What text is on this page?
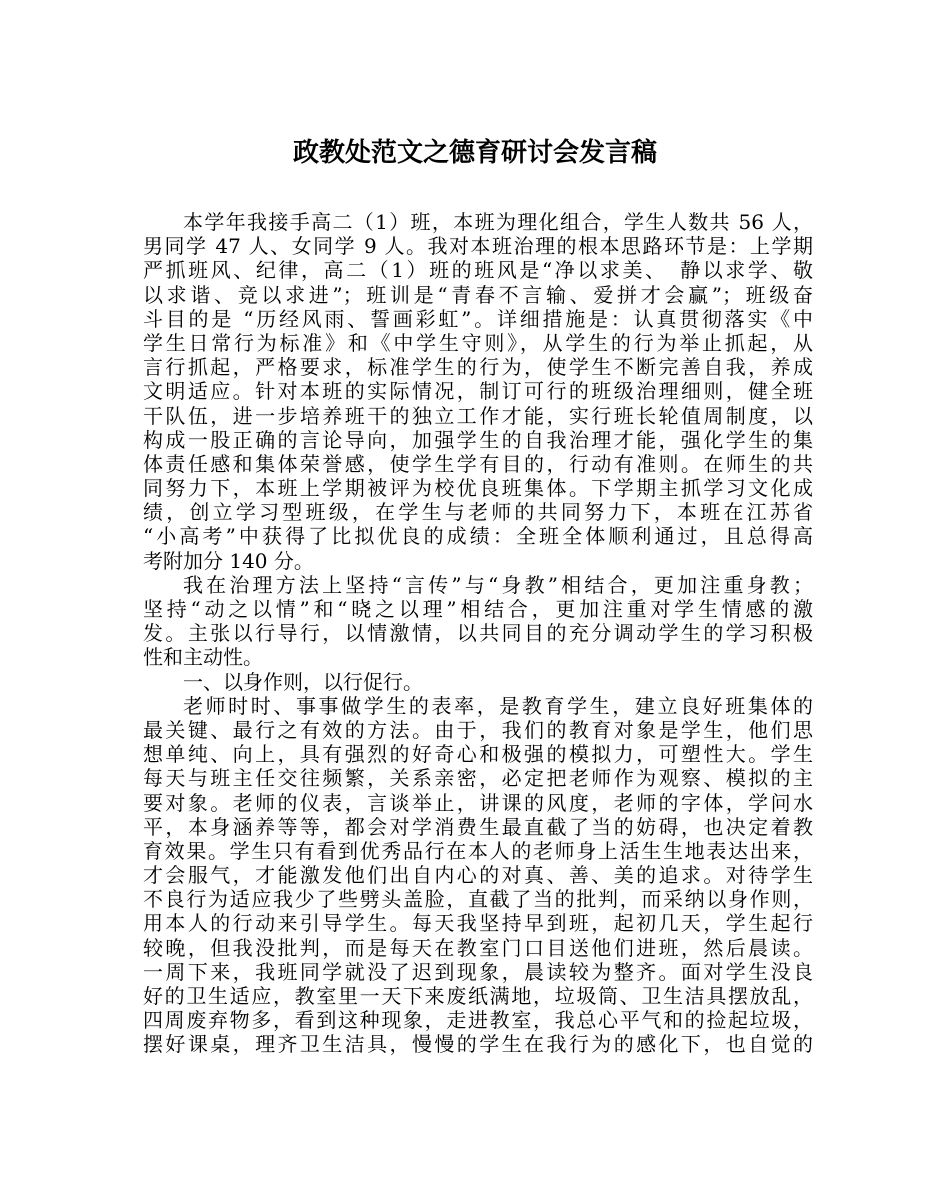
政教处范文之德育研讨会发言稿
本学年我接手高二（1）班，本班为理化组合，学生人数共 56 人，
男同学 47 人、女同学 9 人。我对本班治理的根本思路环节是：上学期
严抓班风、纪律，高二（1）班的班风是“净以求美、　静以求学、敬
以求谐、竞以求进”；班训是“青春不言输、爱拼才会赢”；班级奋
斗目的是 “历经风雨、誓画彩虹”。详细措施是：认真贯彻落实《中
学生日常行为标准》和《中学生守则》，从学生的行为举止抓起，从
言行抓起，严格要求，标准学生的行为，使学生不断完善自我，养成
文明适应。针对本班的实际情况，制订可行的班级治理细则，健全班
干队伍，进一步培养班干的独立工作才能，实行班长轮值周制度，以
构成一股正确的言论导向，加强学生的自我治理才能，强化学生的集
体责任感和集体荣誉感，使学生学有目的，行动有准则。在师生的共
同努力下，本班上学期被评为校优良班集体。下学期主抓学习文化成
绩，创立学习型班级，在学生与老师的共同努力下，本班在江苏省
“小高考”中获得了比拟优良的成绩：全班全体顺利通过，且总得高
考附加分 140 分。
我在治理方法上坚持“言传”与“身教”相结合，更加注重身教；
坚持“动之以情”和“晓之以理”相结合，更加注重对学生情感的激
发。主张以行导行，以情激情，以共同目的充分调动学生的学习积极
性和主动性。
一、以身作则，以行促行。
老师时时、事事做学生的表率，是教育学生，建立良好班集体的
最关键、最行之有效的方法。由于，我们的教育对象是学生，他们思
想单纯、向上，具有强烈的好奇心和极强的模拟力，可塑性大。学生
每天与班主任交往频繁，关系亲密，必定把老师作为观察、模拟的主
要对象。老师的仪表，言谈举止，讲课的风度，老师的字体，学问水
平，本身涵养等等，都会对学消费生最直截了当的妨碍，也决定着教
育效果。学生只有看到优秀品行在本人的老师身上活生生地表达出来，
才会服气，才能激发他们出自内心的对真、善、美的追求。对待学生
不良行为适应我少了些劈头盖脸，直截了当的批判，而采纳以身作则，
用本人的行动来引导学生。每天我坚持早到班，起初几天，学生起行
较晚，但我没批判，而是每天在教室门口目送他们进班，然后晨读。
一周下来，我班同学就没了迟到现象，晨读较为整齐。面对学生没良
好的卫生适应，教室里一天下来废纸满地，垃圾筒、卫生洁具摆放乱，
四周废弃物多，看到这种现象，走进教室，我总心平气和的捡起垃圾，
摆好课桌，理齐卫生洁具，慢慢的学生在我行为的感化下，也自觉的
